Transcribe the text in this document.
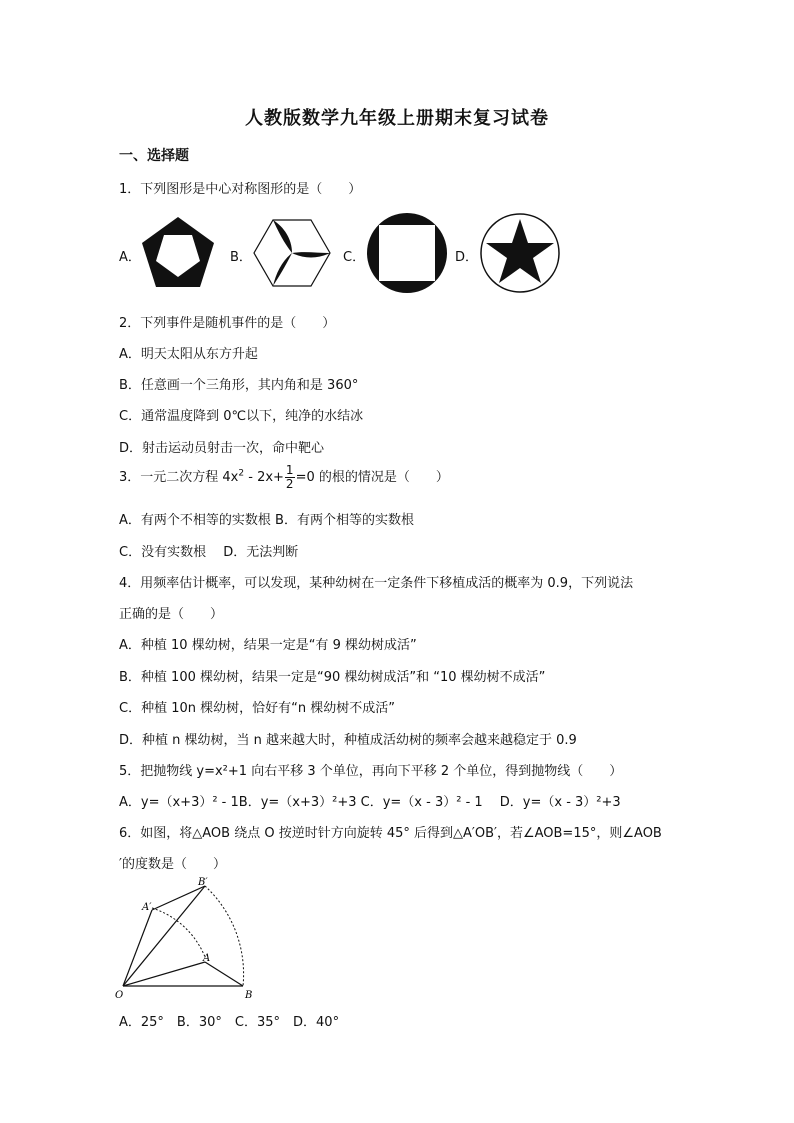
人教版数学九年级上册期末复习试卷
一、选择题
1．下列图形是中心对称图形的是（　　）
A．	B．	C．	D．
2．下列事件是随机事件的是（　　）
A．明天太阳从东方升起
B．任意画一个三角形，其内角和是 360°
C．通常温度降到 0℃以下，纯净的水结冰
D．射击运动员射击一次，命中靶心
3．一元二次方程 $4x^2 - 2x+ \frac{1}{2} =0$ 的根的情况是（　　）
A．有两个不相等的实数根 B．有两个相等的实数根
C．没有实数根　 D．无法判断
4．用频率估计概率，可以发现，某种幼树在一定条件下移植成活的概率为 0.9，下列说法
正确的是（　　）
A．种植 10 棵幼树，结果一定是“有 9 棵幼树成活”
B．种植 100 棵幼树，结果一定是“90 棵幼树成活”和 “10 棵幼树不成活”
C．种植 10n 棵幼树，恰好有“n 棵幼树不成活”
D．种植 n 棵幼树，当 n 越来越大时，种植成活幼树的频率会越来越稳定于 0.9
5．把抛物线 y=x²+1 向右平移 3 个单位，再向下平移 2 个单位，得到抛物线（　　）
A．y=（x+3）² - 1B．y=（x+3）²+3 C．y=（x - 3）² - 1　 D．y=（x - 3）²+3
6．如图，将△AOB 绕点 O 按逆时针方向旋转 45° 后得到△A′OB′，若∠AOB=15°，则∠AOB
′的度数是（　　）
O	B
A
A′
B′
A．25°　B．30°　C．35°　D．40°
